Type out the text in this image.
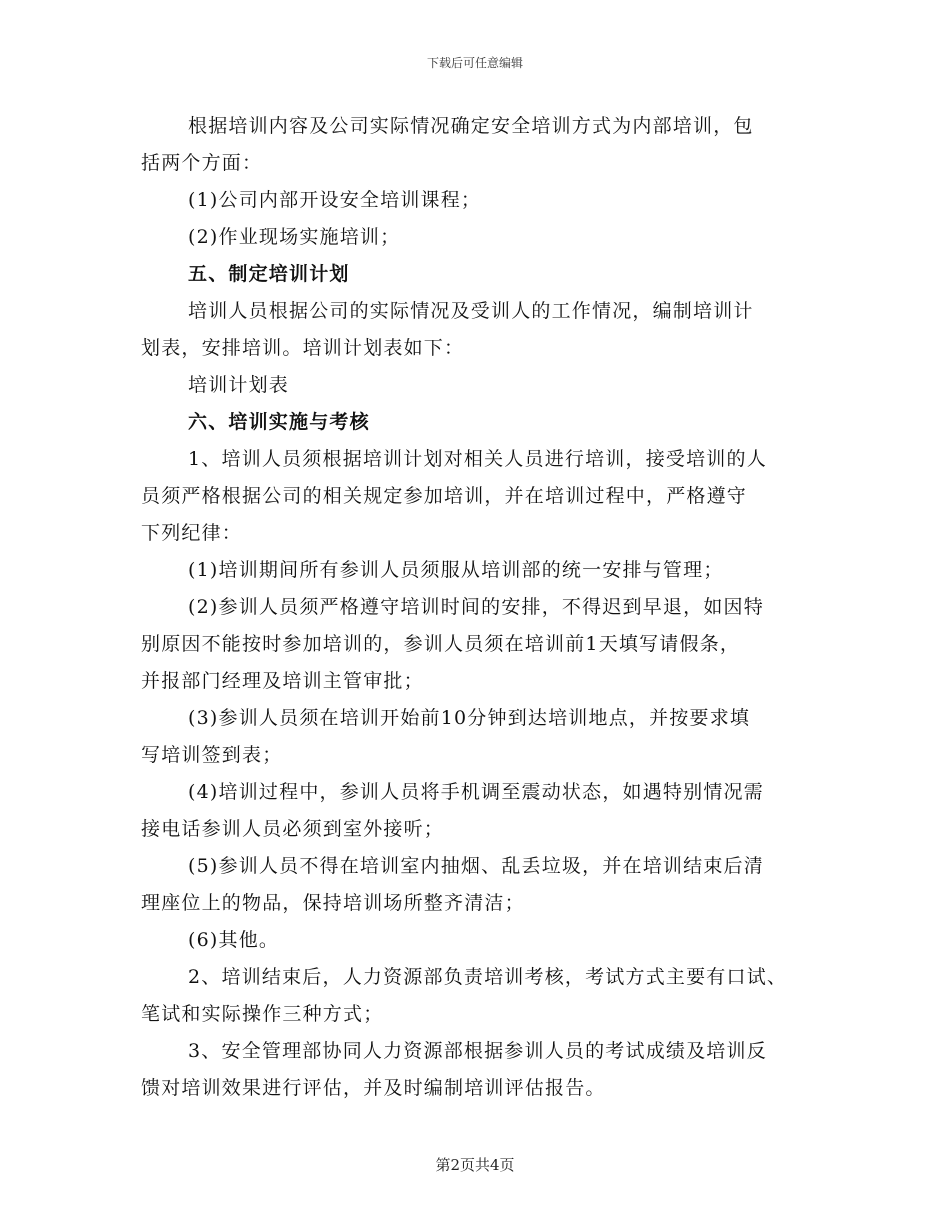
下载后可任意编辑
根据培训内容及公司实际情况确定安全培训方式为内部培训，包
括两个方面：
(1)公司内部开设安全培训课程；
(2)作业现场实施培训；
五、制定培训计划
培训人员根据公司的实际情况及受训人的工作情况，编制培训计
划表，安排培训。培训计划表如下：
培训计划表
六、培训实施与考核
1、培训人员须根据培训计划对相关人员进行培训，接受培训的人
员须严格根据公司的相关规定参加培训，并在培训过程中，严格遵守
下列纪律：
(1)培训期间所有参训人员须服从培训部的统一安排与管理；
(2)参训人员须严格遵守培训时间的安排，不得迟到早退，如因特
别原因不能按时参加培训的，参训人员须在培训前1天填写请假条，
并报部门经理及培训主管审批；
(3)参训人员须在培训开始前10分钟到达培训地点，并按要求填
写培训签到表；
(4)培训过程中，参训人员将手机调至震动状态，如遇特别情况需
接电话参训人员必须到室外接听；
(5)参训人员不得在培训室内抽烟、乱丢垃圾，并在培训结束后清
理座位上的物品，保持培训场所整齐清洁；
(6)其他。
2、培训结束后，人力资源部负责培训考核，考试方式主要有口试、
笔试和实际操作三种方式；
3、安全管理部协同人力资源部根据参训人员的考试成绩及培训反
馈对培训效果进行评估，并及时编制培训评估报告。
第2页共4页
